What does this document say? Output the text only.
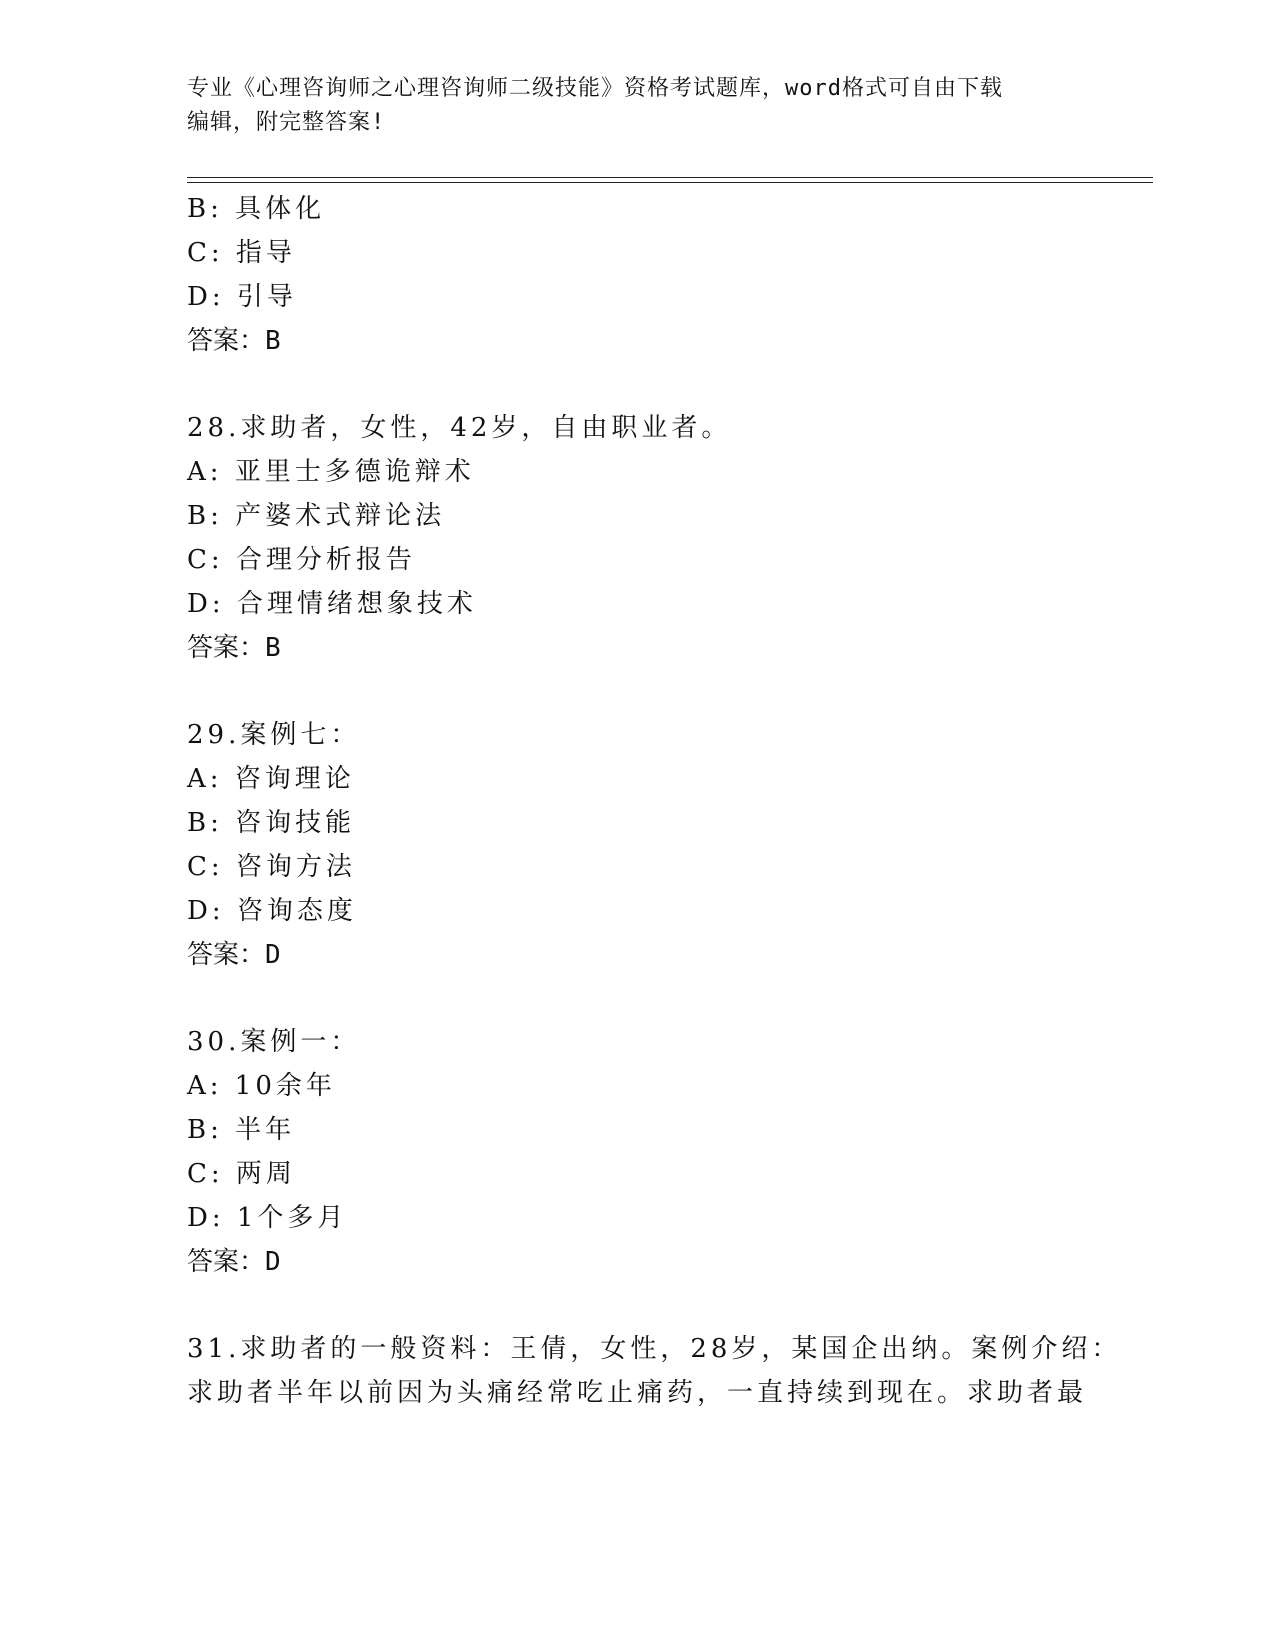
专业《心理咨询师之心理咨询师二级技能》资格考试题库，word格式可自由下载
编辑，附完整答案!
B: 具体化
C: 指导
D: 引导
答案：B
28.求助者，女性，42岁，自由职业者。
A: 亚里士多德诡辩术
B: 产婆术式辩论法
C: 合理分析报告
D: 合理情绪想象技术
答案：B
29.案例七：
A: 咨询理论
B: 咨询技能
C: 咨询方法
D: 咨询态度
答案：D
30.案例一：
A: 10余年
B: 半年
C: 两周
D: 1个多月
答案：D
31.求助者的一般资料：王倩，女性，28岁，某国企出纳。案例介绍：
求助者半年以前因为头痛经常吃止痛药，一直持续到现在。求助者最
